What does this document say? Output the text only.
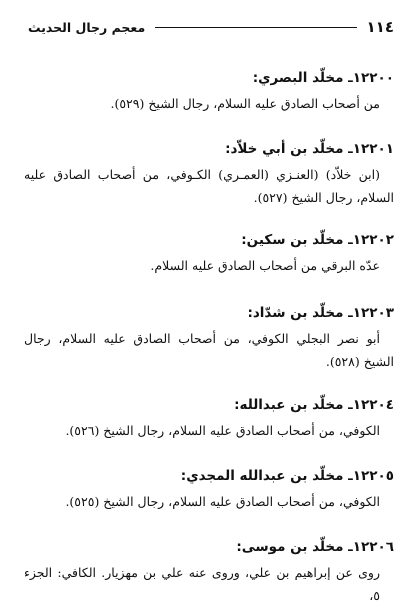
١١٤
معجم رجال الحديث

١٢٢٠٠ـ مخلّد البصري:

من أصحاب الصادق عليه السلام، رجال الشيخ (٥٢٩).

١٢٢٠١ـ مخلّد بن أبي خلاّد:

(ابن خلاّد) (العنـزي (العمـري) الكـوفي، من أصحاب الصادق عليه السلام، رجال الشيخ (٥٢٧).

١٢٢٠٢ـ مخلّد بن سكين:

عدّه البرقي من أصحاب الصادق عليه السلام.

١٢٢٠٣ـ مخلّد بن شدّاد:

أبو نصر البجلي الكوفي، من أصحاب الصادق عليه السلام، رجال الشيخ (٥٢٨).

١٢٢٠٤ـ مخلّد بن عبدالله:

الكوفي، من أصحاب الصادق عليه السلام، رجال الشيخ (٥٢٦).

١٢٢٠٥ـ مخلّد بن عبدالله المجدي:

الكوفي، من أصحاب الصادق عليه السلام، رجال الشيخ (٥٢٥).

١٢٢٠٦ـ مخلّد بن موسى:

روى عن إبراهيم بن علي، وروى عنه علي بن مهزيار. الكافي: الجزء ٥،
